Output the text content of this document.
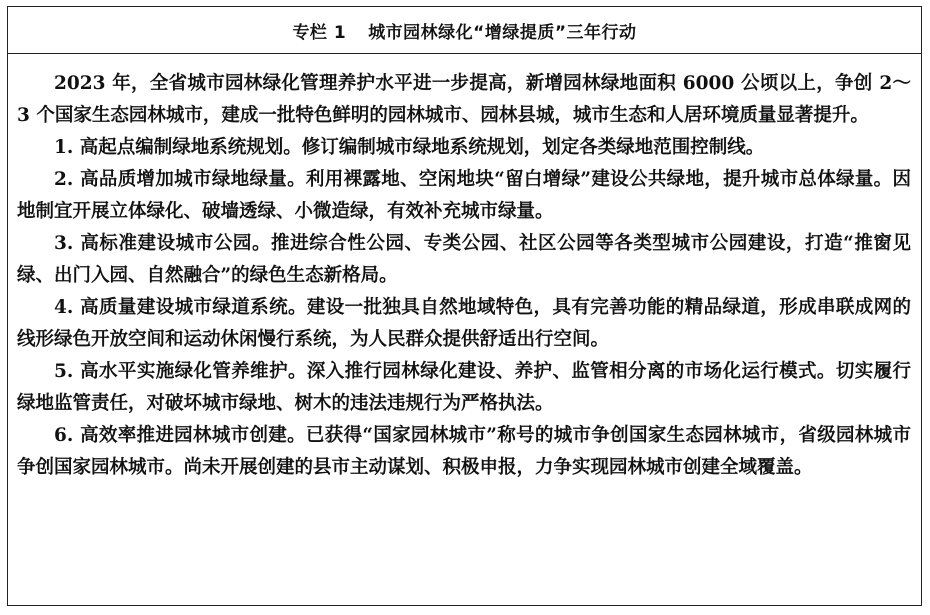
专栏 1 城市园林绿化“增绿提质”三年行动

2023 年，全省城市园林绿化管理养护水平进一步提高，新增园林绿地面积 6000 公顷以上，争创 2～3 个国家生态园林城市，建成一批特色鲜明的园林城市、园林县城，城市生态和人居环境质量显著提升。

1. 高起点编制绿地系统规划。修订编制城市绿地系统规划，划定各类绿地范围控制线。

2. 高品质增加城市绿地绿量。利用裸露地、空闲地块“留白增绿”建设公共绿地，提升城市总体绿量。因地制宜开展立体绿化、破墙透绿、小微造绿，有效补充城市绿量。

3. 高标准建设城市公园。推进综合性公园、专类公园、社区公园等各类型城市公园建设，打造“推窗见绿、出门入园、自然融合”的绿色生态新格局。

4. 高质量建设城市绿道系统。建设一批独具自然地域特色，具有完善功能的精品绿道，形成串联成网的线形绿色开放空间和运动休闲慢行系统，为人民群众提供舒适出行空间。

5. 高水平实施绿化管养维护。深入推行园林绿化建设、养护、监管相分离的市场化运行模式。切实履行绿地监管责任，对破坏城市绿地、树木的违法违规行为严格执法。

6. 高效率推进园林城市创建。已获得“国家园林城市”称号的城市争创国家生态园林城市，省级园林城市争创国家园林城市。尚未开展创建的县市主动谋划、积极申报，力争实现园林城市创建全域覆盖。
